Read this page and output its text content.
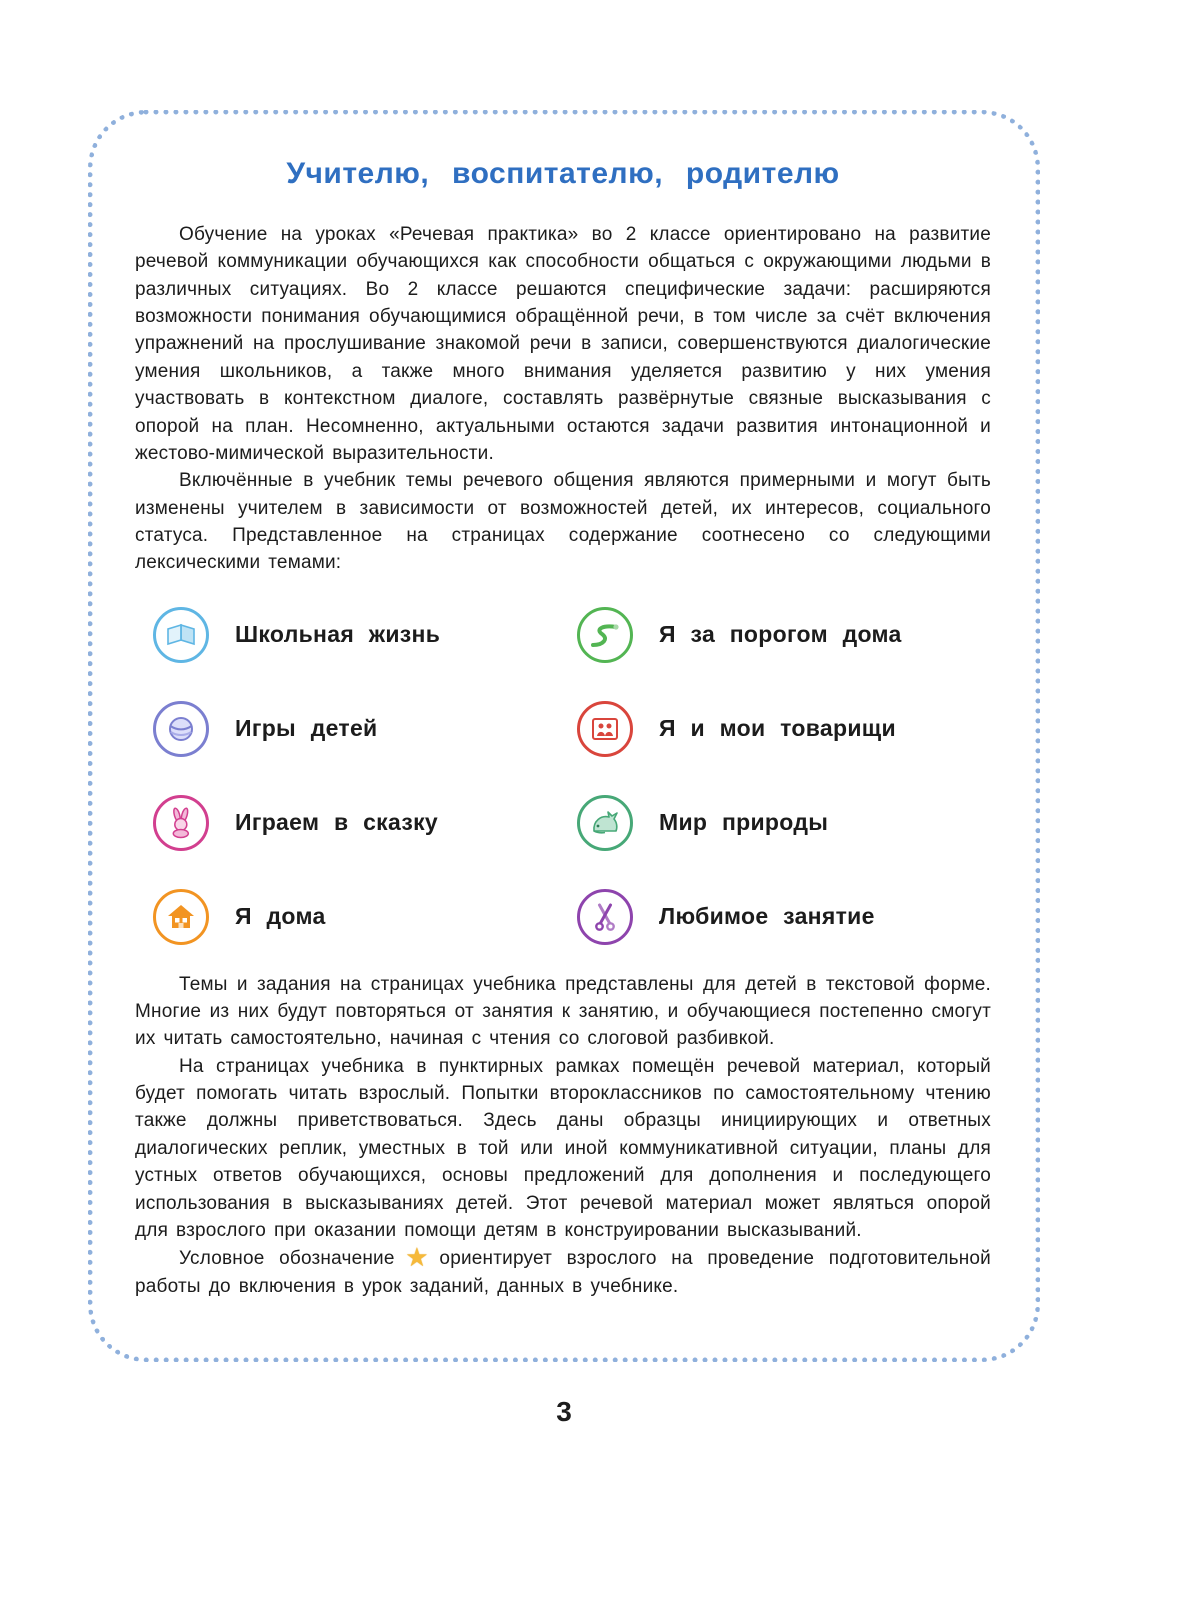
Учителю, воспитателю, родителю

Обучение на уроках «Речевая практика» во 2 классе ориентировано на развитие речевой коммуникации обучающихся как способности общаться с окружающими людьми в различных ситуациях. Во 2 классе решаются специфические задачи: расширяются возможности понимания обучающимися обращённой речи, в том числе за счёт включения упражнений на прослушивание знакомой речи в записи, совершенствуются диалогические умения школьников, а также много внимания уделяется развитию у них умения участвовать в контекстном диалоге, составлять развёрнутые связные высказывания с опорой на план. Несомненно, актуальными остаются задачи развития интонационной и жестово-мимической выразительности.

Включённые в учебник темы речевого общения являются примерными и могут быть изменены учителем в зависимости от возможностей детей, их интересов, социального статуса. Представленное на страницах содержание соотнесено со следующими лексическими темами:

Школьная жизнь	Я за порогом дома
Игры детей	Я и мои товарищи
Играем в сказку	Мир природы
Я дома	Любимое занятие

Темы и задания на страницах учебника представлены для детей в текстовой форме. Многие из них будут повторяться от занятия к занятию, и обучающиеся постепенно смогут их читать самостоятельно, начиная с чтения со слоговой разбивкой.

На страницах учебника в пунктирных рамках помещён речевой материал, который будет помогать читать взрослый. Попытки второклассников по самостоятельному чтению также должны приветствоваться. Здесь даны образцы инициирующих и ответных диалогических реплик, уместных в той или иной коммуникативной ситуации, планы для устных ответов обучающихся, основы предложений для дополнения и последующего использования в высказываниях детей. Этот речевой материал может являться опорой для взрослого при оказании помощи детям в конструировании высказываний.

Условное обозначение ★ ориентирует взрослого на проведение подготовительной работы до включения в урок заданий, данных в учебнике.

3
